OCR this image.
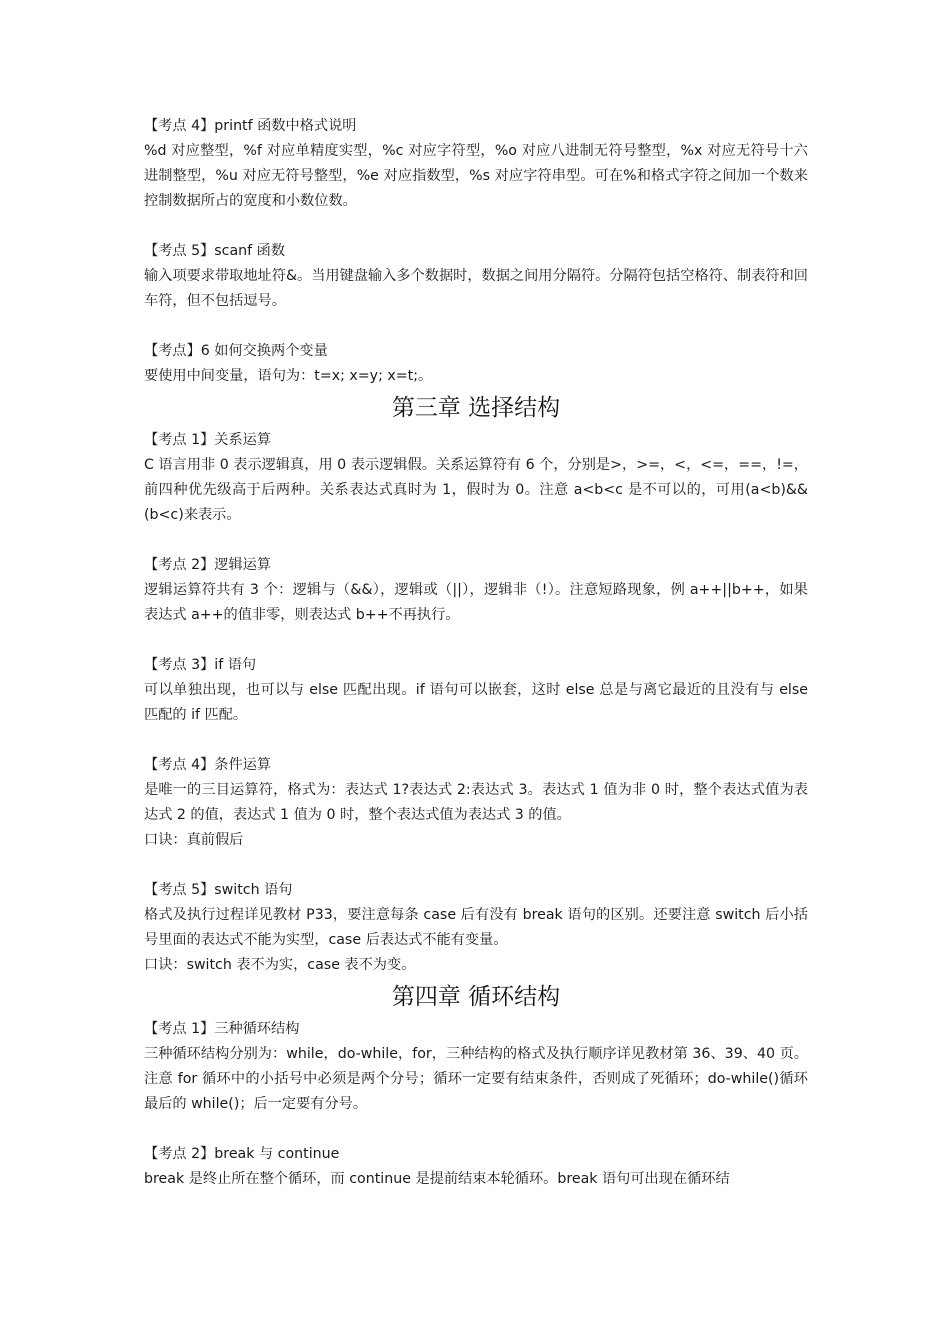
【考点 4】printf 函数中格式说明
%d 对应整型，%f 对应单精度实型，%c 对应字符型，%o 对应八进制无符号整型，%x 对应无符号十六进制整型，%u 对应无符号整型，%e 对应指数型，%s 对应字符串型。可在%和格式字符之间加一个数来控制数据所占的宽度和小数位数。
【考点 5】scanf 函数
输入项要求带取地址符&。当用键盘输入多个数据时，数据之间用分隔符。分隔符包括空格符、制表符和回车符，但不包括逗号。
【考点】6 如何交换两个变量
要使用中间变量，语句为：t=x; x=y; x=t;。
第三章 选择结构
【考点 1】关系运算
C 语言用非 0 表示逻辑真，用 0 表示逻辑假。关系运算符有 6 个，分别是>，>=，<，<=，==，!=，前四种优先级高于后两种。关系表达式真时为 1，假时为 0。注意 a<b<c 是不可以的，可用(a<b)&&(b<c)来表示。
【考点 2】逻辑运算
逻辑运算符共有 3 个：逻辑与（&&），逻辑或（||），逻辑非（!）。注意短路现象，例 a++||b++，如果表达式 a++的值非零，则表达式 b++不再执行。
【考点 3】if 语句
可以单独出现，也可以与 else 匹配出现。if 语句可以嵌套，这时 else 总是与离它最近的且没有与 else 匹配的 if 匹配。
【考点 4】条件运算
是唯一的三目运算符，格式为：表达式 1?表达式 2:表达式 3。表达式 1 值为非 0 时，整个表达式值为表达式 2 的值，表达式 1 值为 0 时，整个表达式值为表达式 3 的值。
口诀：真前假后
【考点 5】switch 语句
格式及执行过程详见教材 P33，要注意每条 case 后有没有 break 语句的区别。还要注意 switch 后小括号里面的表达式不能为实型，case 后表达式不能有变量。
口诀：switch 表不为实，case 表不为变。
第四章 循环结构
【考点 1】三种循环结构
三种循环结构分别为：while，do-while，for，三种结构的格式及执行顺序详见教材第 36、39、40 页。注意 for 循环中的小括号中必须是两个分号；循环一定要有结束条件，否则成了死循环；do-while()循环最后的 while()；后一定要有分号。
【考点 2】break 与 continue
break 是终止所在整个循环，而 continue 是提前结束本轮循环。break 语句可出现在循环结
